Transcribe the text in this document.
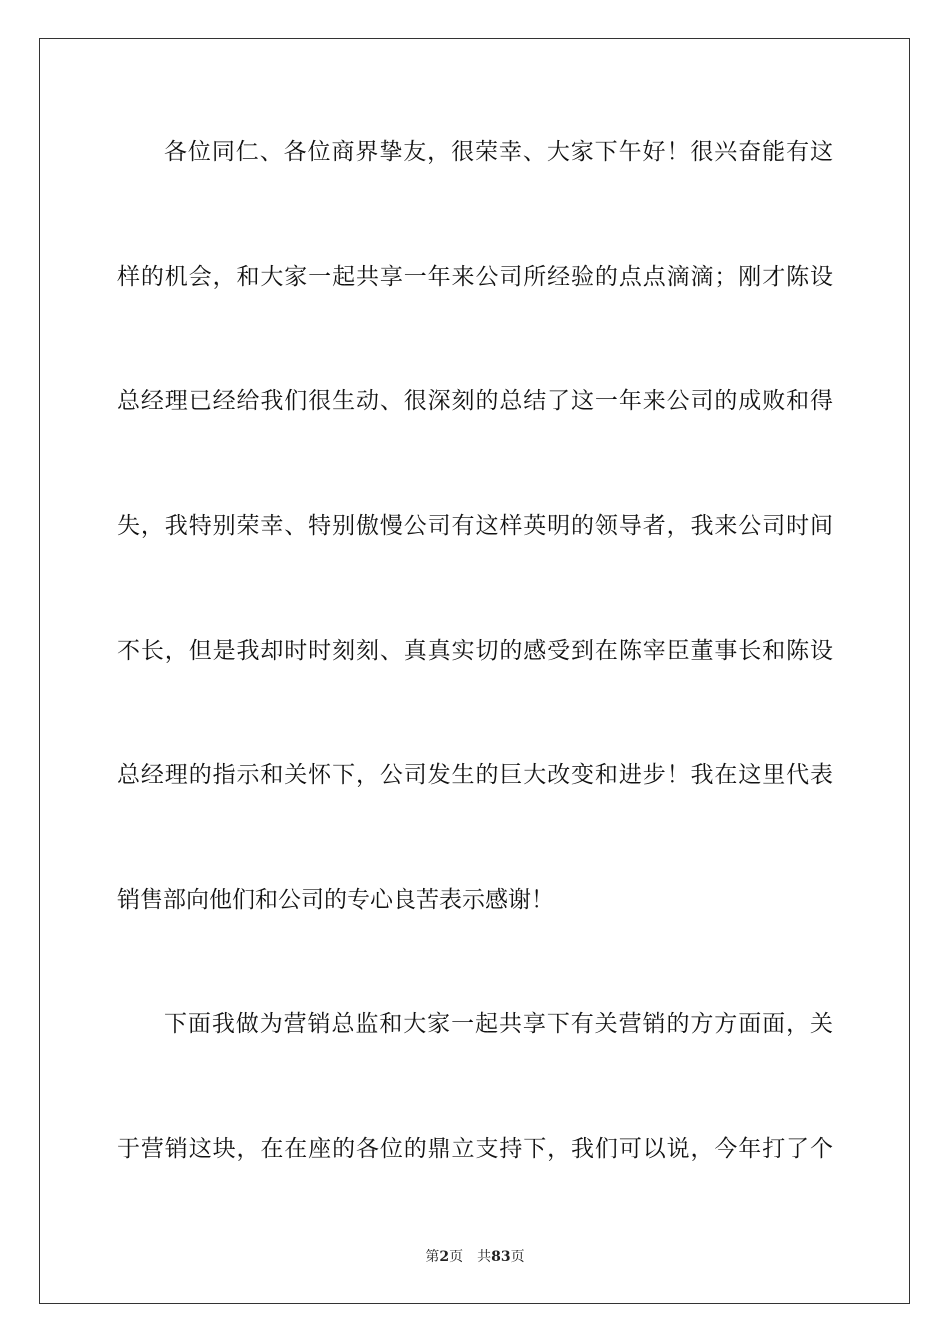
各位同仁、各位商界挚友，很荣幸、大家下午好！很兴奋能有这
样的机会，和大家一起共享一年来公司所经验的点点滴滴；刚才陈设
总经理已经给我们很生动、很深刻的总结了这一年来公司的成败和得
失，我特别荣幸、特别傲慢公司有这样英明的领导者，我来公司时间
不长，但是我却时时刻刻、真真实切的感受到在陈宰臣董事长和陈设
总经理的指示和关怀下，公司发生的巨大改变和进步！我在这里代表
销售部向他们和公司的专心良苦表示感谢！
下面我做为营销总监和大家一起共享下有关营销的方方面面，关
于营销这块，在在座的各位的鼎立支持下，我们可以说，今年打了个
第2页　共83页
